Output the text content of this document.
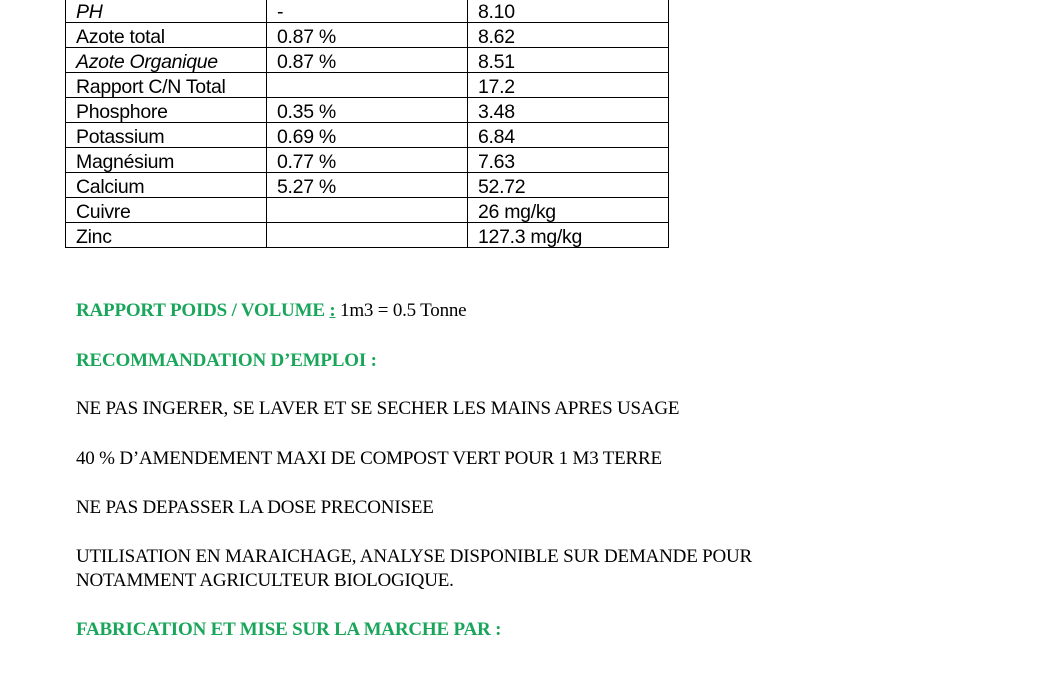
PH	-	8.10
Azote total	0.87 %	8.62
Azote Organique	0.87 %	8.51
Rapport C/N Total		17.2
Phosphore	0.35 %	3.48
Potassium	0.69 %	6.84
Magnésium	0.77 %	7.63
Calcium	5.27 %	52.72
Cuivre		26 mg/kg
Zinc		127.3 mg/kg
RAPPORT POIDS / VOLUME : 1m3 = 0.5 Tonne
RECOMMANDATION D’EMPLOI :
NE PAS INGERER, SE LAVER ET SE SECHER LES MAINS APRES USAGE
40 % D’AMENDEMENT MAXI DE COMPOST VERT POUR 1 M3 TERRE
NE PAS DEPASSER LA DOSE PRECONISEE
UTILISATION EN MARAICHAGE, ANALYSE DISPONIBLE SUR DEMANDE POUR
NOTAMMENT AGRICULTEUR BIOLOGIQUE.
FABRICATION ET MISE SUR LA MARCHE PAR :
